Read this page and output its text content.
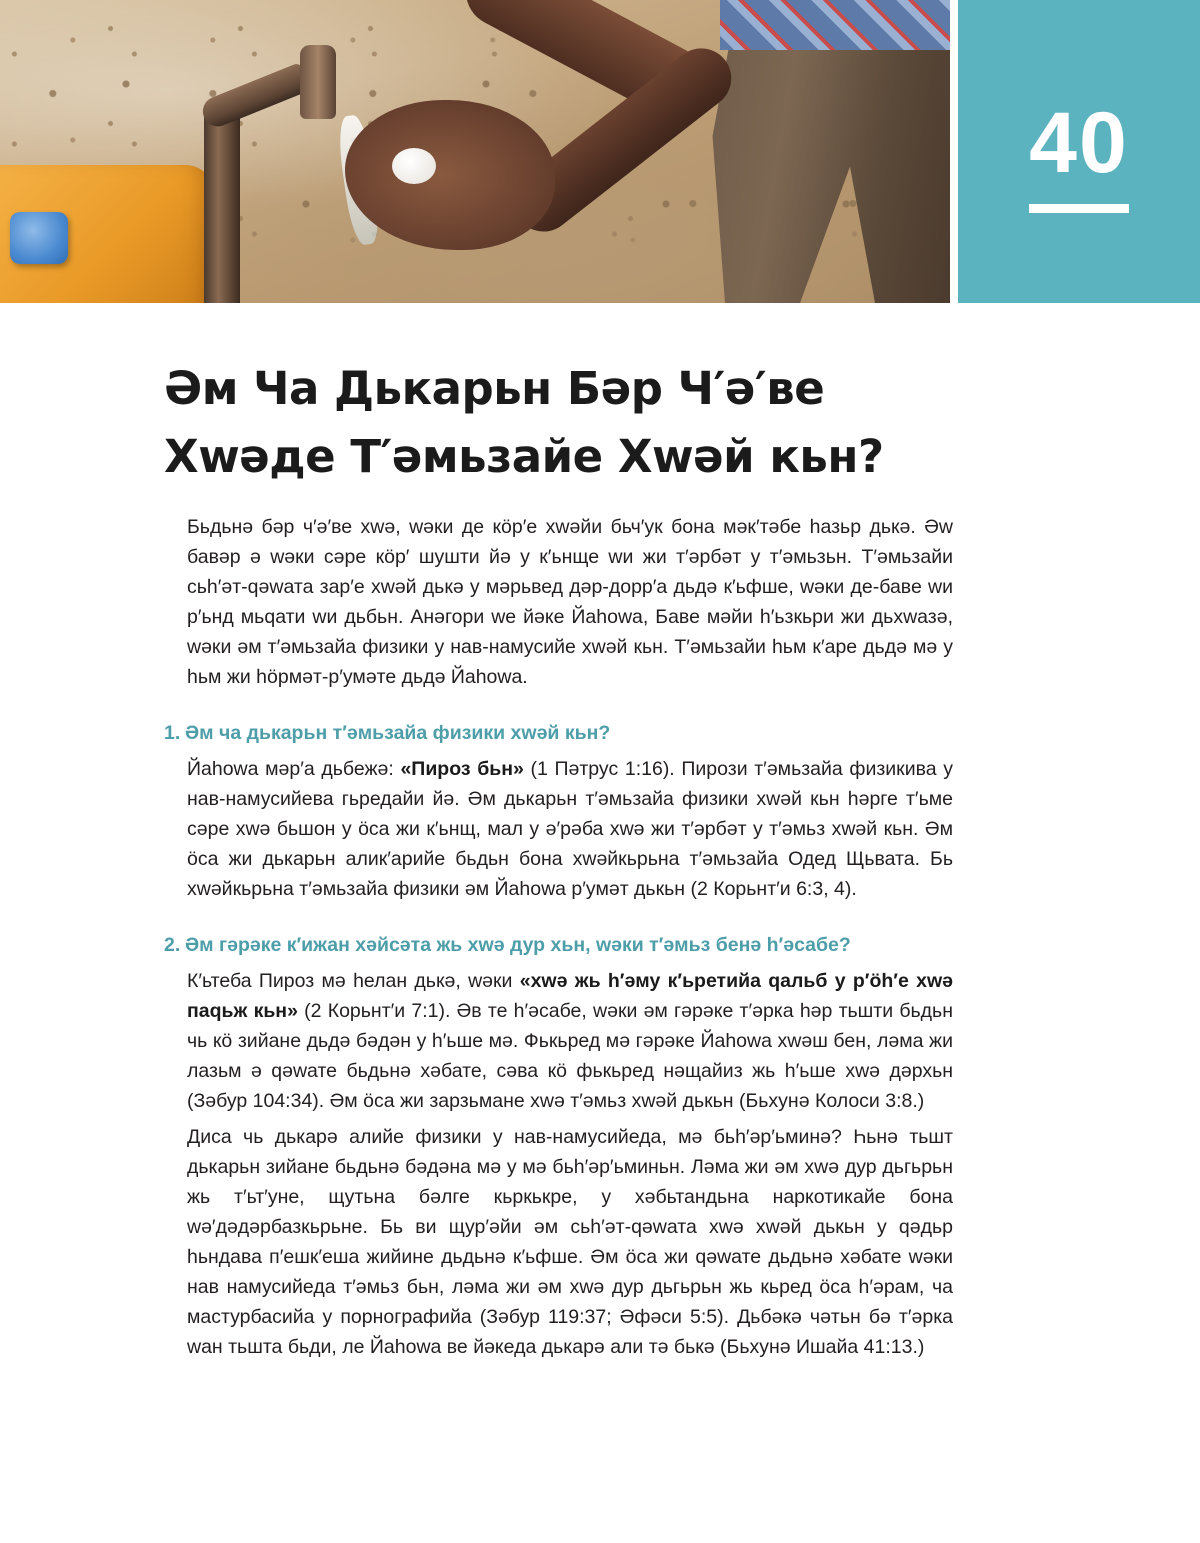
40
Әм Ча Дькарьн Бәр Ч′ә′ве
Хwәде Т′әмьзайе Хwәй кьн?

Бьдьнә бәр ч′ә′ве хwә, wәки де кöр′е хwәйи бьч′ук бона мәк′тәбе һазьр дькә. Әw бавәр ә wәки сәре кöр′ шушти йә у к′ьнще wи жи т′әрбәт у т′әмьзьн. Т′әмьзайи сьһ′әт-qәwата зар′е хwәй дькә у мәрьвед дәр-дорр′а дьдә к′ьфше, wәки де-баве wи р′ьнд мьqати wи дьбьн. Анәгори wе йәке Йаhowa, Баве мәйи һ′ьзкьри жи дьхwазә, wәки әм т′әмьзайа физики у нав-намусийе хwәй кьн. Т′әмьзайи һьм к′аре дьдә мә у һьм жи һöрмәт-р′умәте дьдә Йаhowa.

1. Әм ча дькарьн т′әмьзайа физики хwәй кьн?

Йаhowa мәр′а дьбежә: «Пироз бьн» (1 Пәтрус 1:16). Пирози т′әмьзайа физикива у нав-намусийева гьредайи йә. Әм дькарьн т′әмьзайа физики хwәй кьн һәрге т′ьме сәре хwә бьшон у öса жи к′ьнщ, мал у ә′рәба хwә жи т′әрбәт у т′әмьз хwәй кьн. Әм öса жи дькарьн алик′арийе бьдьн бона хwәйкьрьна т′әмьзайа Одед Щьвата. Бь хwәйкьрьна т′әмьзайа физики әм Йаhowa р′умәт дькьн (2 Корьнт′и 6:3, 4).

2. Әм гәрәке к′ижан хәйсәта жь хwә дур хьн, wәки т′әмьз бенә һ′әсабе?

К′ьтеба Пироз мә һелан дькә, wәки «хwә жь һ′әму к′ьретийа qальб у р′öһ′е хwә паqьж кьн» (2 Корьнт′и 7:1). Әв те һ′әсабе, wәки әм гәрәке т′әрка һәр тьшти бьдьн чь кö зийане дьдә бәдән у һ′ьше мә. Фькьред мә гәрәке Йаhowa хwәш бен, ләма жи лазьм ә qәwате бьдьнә хәбате, сәва кö фькьред нәщайиз жь һ′ьше хwә дәрхьн (Зәбур 104:34). Әм öса жи зарзьмане хwә т′әмьз хwәй дькьн (Бьхунә Колоси 3:8.)

Диса чь дькарә алийе физики у нав-намусийеда, мә бьһ′әр′ьминә? Һьнә тьшт дькарьн зийане бьдьнә бәдәна мә у мә бьһ′әр′ьминьн. Ләма жи әм хwә дур дьгьрьн жь т′ьт′уне, щутьна бәлге кьркькре, у хәбьтандьна наркотикайе бона wә′дәдәрбазкьрьне. Бь ви щур′әйи әм сьһ′әт-qәwата хwә хwәй дькьн у qәдьр һьндава п′ешк′еша жийине дьдьнә к′ьфше. Әм öса жи qәwате дьдьнә хәбате wәки нав намусийеда т′әмьз бьн, ләма жи әм хwә дур дьгьрьн жь кьред öса һ′әрам, ча мастурбасийа у порнографийа (Зәбур 119:37; Әфәси 5:5). Дьбәкә чәтьн бә т′әрка wан тьшта бьди, ле Йаhowa ве йәкеда дькарә али тә бькә (Бьхунә Ишайа 41:13.)
